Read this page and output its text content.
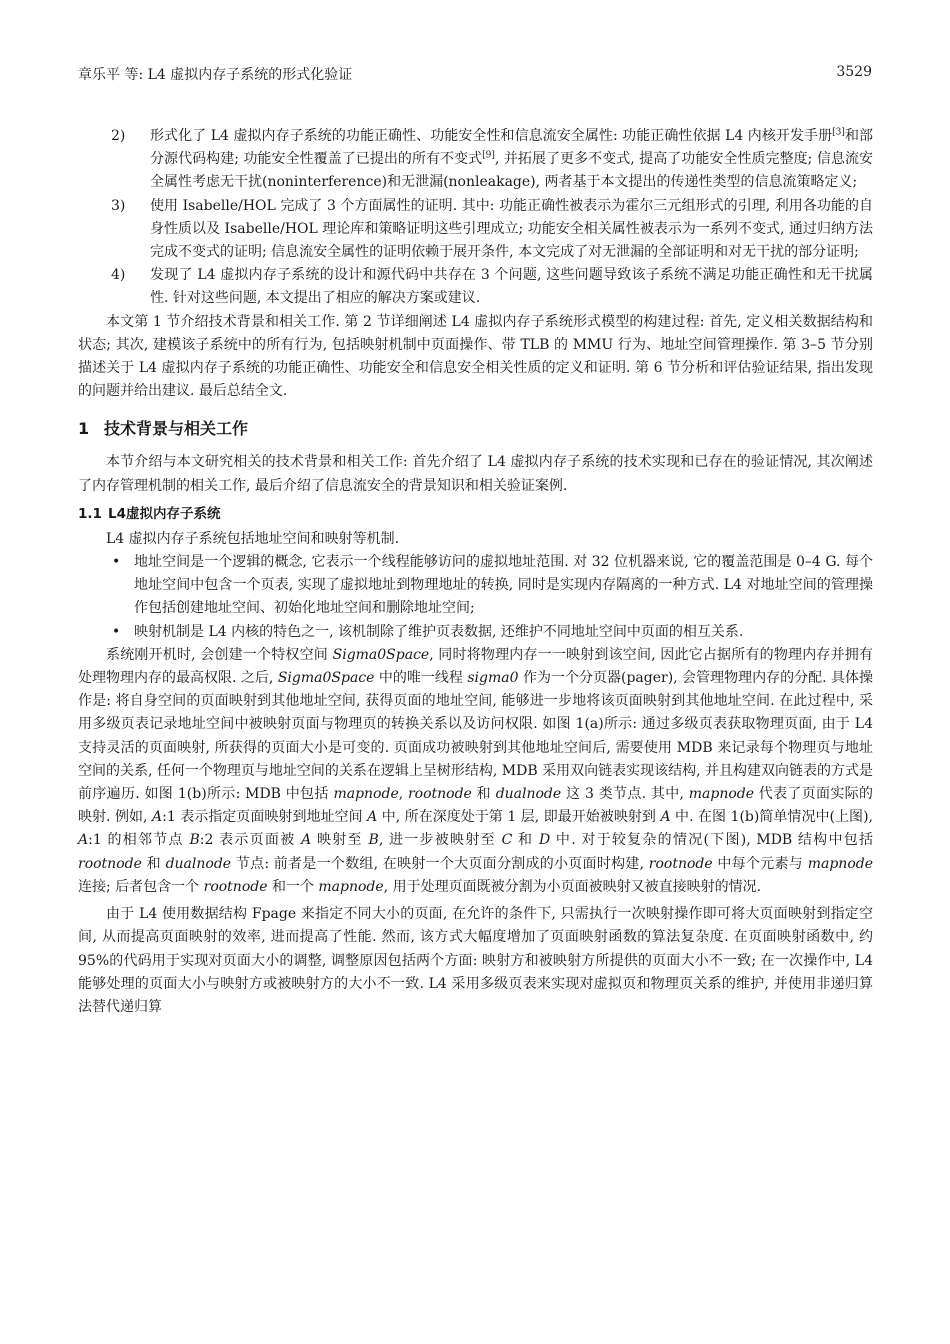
章乐平 等: L4 虚拟内存子系统的形式化验证	3529
2) 形式化了 L4 虚拟内存子系统的功能正确性、功能安全性和信息流安全属性: 功能正确性依据 L4 内核开发手册[3]和部分源代码构建; 功能安全性覆盖了已提出的所有不变式[9], 并拓展了更多不变式, 提高了功能安全性质完整度; 信息流安全属性考虑无干扰(noninterference)和无泄漏(nonleakage), 两者基于本文提出的传递性类型的信息流策略定义;
3) 使用 Isabelle/HOL 完成了 3 个方面属性的证明. 其中: 功能正确性被表示为霍尔三元组形式的引理, 利用各功能的自身性质以及 Isabelle/HOL 理论库和策略证明这些引理成立; 功能安全相关属性被表示为一系列不变式, 通过归纳方法完成不变式的证明; 信息流安全属性的证明依赖于展开条件, 本文完成了对无泄漏的全部证明和对无干扰的部分证明;
4) 发现了 L4 虚拟内存子系统的设计和源代码中共存在 3 个问题, 这些问题导致该子系统不满足功能正确性和无干扰属性. 针对这些问题, 本文提出了相应的解决方案或建议.
本文第 1 节介绍技术背景和相关工作. 第 2 节详细阐述 L4 虚拟内存子系统形式模型的构建过程: 首先, 定义相关数据结构和状态; 其次, 建模该子系统中的所有行为, 包括映射机制中页面操作、带 TLB 的 MMU 行为、地址空间管理操作. 第 3–5 节分别描述关于 L4 虚拟内存子系统的功能正确性、功能安全和信息安全相关性质的定义和证明. 第 6 节分析和评估验证结果, 指出发现的问题并给出建议. 最后总结全文.
1 技术背景与相关工作
本节介绍与本文研究相关的技术背景和相关工作: 首先介绍了 L4 虚拟内存子系统的技术实现和已存在的验证情况, 其次阐述了内存管理机制的相关工作, 最后介绍了信息流安全的背景知识和相关验证案例.
1.1 L4虚拟内存子系统
L4 虚拟内存子系统包括地址空间和映射等机制.
• 地址空间是一个逻辑的概念, 它表示一个线程能够访问的虚拟地址范围. 对 32 位机器来说, 它的覆盖范围是 0–4 G. 每个地址空间中包含一个页表, 实现了虚拟地址到物理地址的转换, 同时是实现内存隔离的一种方式. L4 对地址空间的管理操作包括创建地址空间、初始化地址空间和删除地址空间;
• 映射机制是 L4 内核的特色之一, 该机制除了维护页表数据, 还维护不同地址空间中页面的相互关系.
系统刚开机时, 会创建一个特权空间 Sigma0Space, 同时将物理内存一一映射到该空间, 因此它占据所有的物理内存并拥有处理物理内存的最高权限. 之后, Sigma0Space 中的唯一线程 sigma0 作为一个分页器(pager), 会管理物理内存的分配. 具体操作是: 将自身空间的页面映射到其他地址空间, 获得页面的地址空间, 能够进一步地将该页面映射到其他地址空间. 在此过程中, 采用多级页表记录地址空间中被映射页面与物理页的转换关系以及访问权限. 如图 1(a)所示: 通过多级页表获取物理页面, 由于 L4 支持灵活的页面映射, 所获得的页面大小是可变的. 页面成功被映射到其他地址空间后, 需要使用 MDB 来记录每个物理页与地址空间的关系, 任何一个物理页与地址空间的关系在逻辑上呈树形结构, MDB 采用双向链表实现该结构, 并且构建双向链表的方式是前序遍历. 如图 1(b)所示: MDB 中包括 mapnode, rootnode 和 dualnode 这 3 类节点. 其中, mapnode 代表了页面实际的映射. 例如, A:1 表示指定页面映射到地址空间 A 中, 所在深度处于第 1 层, 即最开始被映射到 A 中. 在图 1(b)简单情况中(上图), A:1 的相邻节点 B:2 表示页面被 A 映射至 B, 进一步被映射至 C 和 D 中. 对于较复杂的情况(下图), MDB 结构中包括 rootnode 和 dualnode 节点: 前者是一个数组, 在映射一个大页面分割成的小页面时构建, rootnode 中每个元素与 mapnode 连接; 后者包含一个 rootnode 和一个 mapnode, 用于处理页面既被分割为小页面被映射又被直接映射的情况.
由于 L4 使用数据结构 Fpage 来指定不同大小的页面, 在允许的条件下, 只需执行一次映射操作即可将大页面映射到指定空间, 从而提高页面映射的效率, 进而提高了性能. 然而, 该方式大幅度增加了页面映射函数的算法复杂度. 在页面映射函数中, 约 95%的代码用于实现对页面大小的调整, 调整原因包括两个方面: 映射方和被映射方所提供的页面大小不一致; 在一次操作中, L4 能够处理的页面大小与映射方或被映射方的大小不一致. L4 采用多级页表来实现对虚拟页和物理页关系的维护, 并使用非递归算法替代递归算
